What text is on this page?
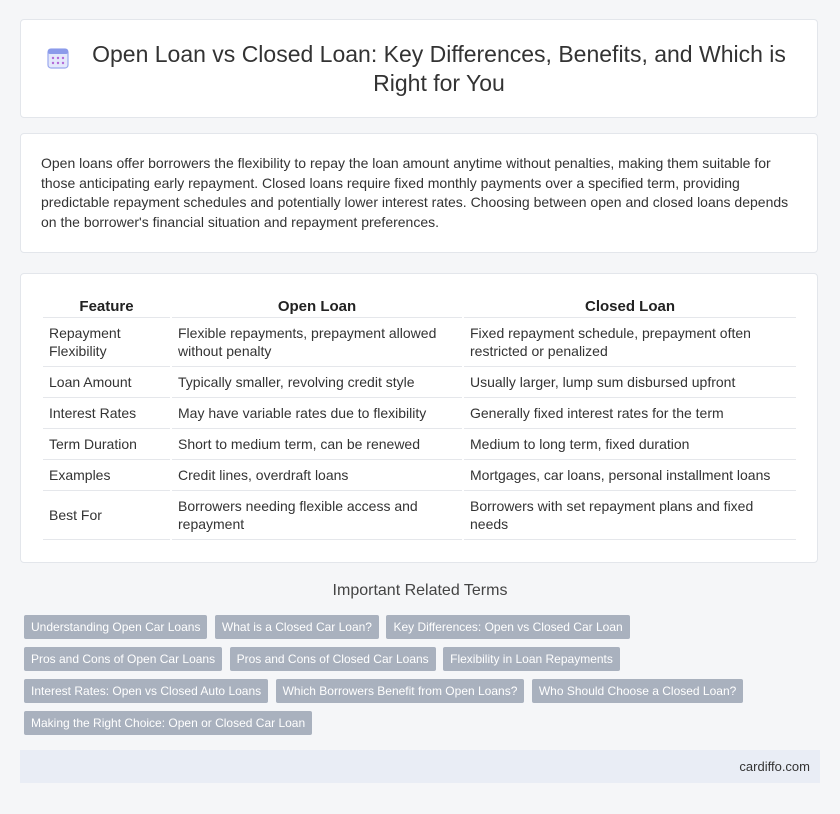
Open Loan vs Closed Loan: Key Differences, Benefits, and Which is Right for You

Open loans offer borrowers the flexibility to repay the loan amount anytime without penalties, making them suitable for those anticipating early repayment. Closed loans require fixed monthly payments over a specified term, providing predictable repayment schedules and potentially lower interest rates. Choosing between open and closed loans depends on the borrower's financial situation and repayment preferences.

Feature	Open Loan	Closed Loan
Repayment Flexibility	Flexible repayments, prepayment allowed without penalty	Fixed repayment schedule, prepayment often restricted or penalized
Loan Amount	Typically smaller, revolving credit style	Usually larger, lump sum disbursed upfront
Interest Rates	May have variable rates due to flexibility	Generally fixed interest rates for the term
Term Duration	Short to medium term, can be renewed	Medium to long term, fixed duration
Examples	Credit lines, overdraft loans	Mortgages, car loans, personal installment loans
Best For	Borrowers needing flexible access and repayment	Borrowers with set repayment plans and fixed needs
Important Related Terms
Understanding Open Car Loans What is a Closed Car Loan? Key Differences: Open vs Closed Car Loan
Pros and Cons of Open Car Loans Pros and Cons of Closed Car Loans Flexibility in Loan Repayments
Interest Rates: Open vs Closed Auto Loans Which Borrowers Benefit from Open Loans? Who Should Choose a Closed Loan?
Making the Right Choice: Open or Closed Car Loan
cardiffo.com
